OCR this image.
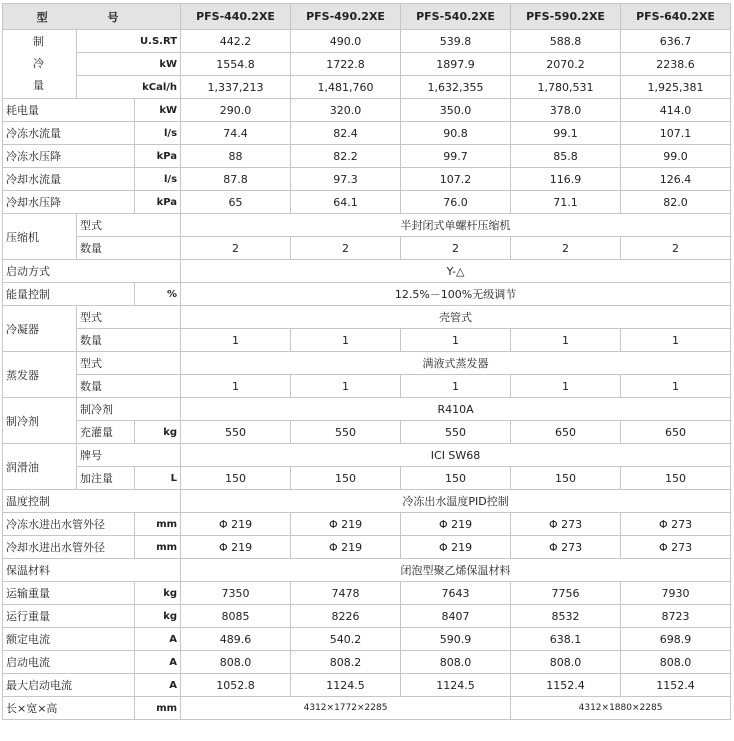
型 号			PFS-440.2XE	PFS-490.2XE	PFS-540.2XE	PFS-590.2XE	PFS-640.2XE

制
冷
量	U.S.RT		442.2	490.0	539.8	588.8	636.7
	kW		1554.8	1722.8	1897.9	2070.2	2238.6
	kCal/h		1,337,213	1,481,760	1,632,355	1,780,531	1,925,381
耗电量		kW	290.0	320.0	350.0	378.0	414.0
冷冻水流量		l/s	74.4	82.4	90.8	99.1	107.1
冷冻水压降		kPa	88	82.2	99.7	85.8	99.0
冷却水流量		l/s	87.8	97.3	107.2	116.9	126.4
冷却水压降		kPa	65	64.1	76.0	71.1	82.0
压缩机	型式		半封闭式单螺杆压缩机				
	数量		2	2	2	2	2
启动方式			Y-△				
能量控制		%	12.5%－100%无级调节				
冷凝器	型式		壳管式				
	数量		1	1	1	1	1
蒸发器	型式		满液式蒸发器				
	数量		1	1	1	1	1
制冷剂	制冷剂		R410A				
	充灌量	kg	550	550	550	650	650
润滑油	牌号		ICI SW68				
	加注量	L	150	150	150	150	150
温度控制			冷冻出水温度PID控制				
冷冻水进出水管外径		mm	Φ 219	Φ 219	Φ 219	Φ 273	Φ 273
冷却水进出水管外径		mm	Φ 219	Φ 219	Φ 219	Φ 273	Φ 273
保温材料			闭泡型聚乙烯保温材料				
运输重量		kg	7350	7478	7643	7756	7930
运行重量		kg	8085	8226	8407	8532	8723
额定电流		A	489.6	540.2	590.9	638.1	698.9
启动电流		A	808.0	808.2	808.0	808.0	808.0
最大启动电流		A	1052.8	1124.5	1124.5	1152.4	1152.4
长×宽×高		mm	4312×1772×2285			4312×1880×2285	
